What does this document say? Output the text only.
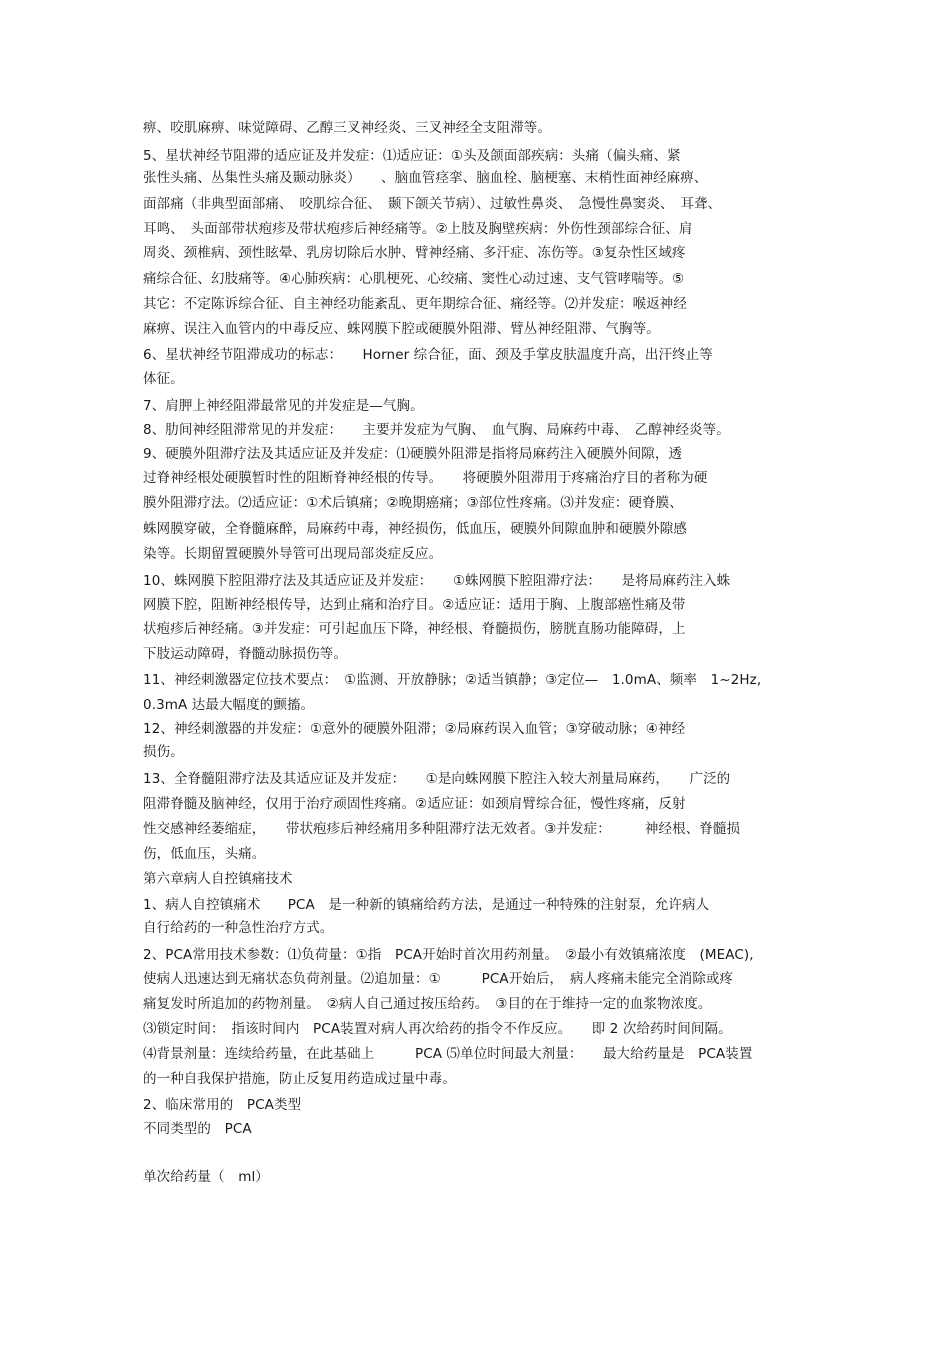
痹、咬肌麻痹、味觉障碍、乙醇三叉神经炎、三叉神经全支阻滞等。

5、星状神经节阻滞的适应证及并发症：⑴适应证：①头及颌面部疾病：头痛（偏头痛、紧

张性头痛、丛集性头痛及颞动脉炎）　　、脑血管痉挛、脑血栓、脑梗塞、末梢性面神经麻痹、

面部痛（非典型面部痛、　咬肌综合征、　颞下颌关节病）、过敏性鼻炎、　急慢性鼻窦炎、　耳聋、

耳鸣、　头面部带状疱疹及带状疱疹后神经痛等。②上肢及胸壁疾病：外伤性颈部综合征、肩

周炎、颈椎病、颈性眩晕、乳房切除后水肿、臂神经痛、多汗症、冻伤等。③复杂性区域疼

痛综合征、幻肢痛等。④心肺疾病：心肌梗死、心绞痛、窦性心动过速、支气管哮喘等。⑤

其它：不定陈诉综合征、自主神经功能紊乱、更年期综合征、痛经等。⑵并发症：喉返神经

麻痹、误注入血管内的中毒反应、蛛网膜下腔或硬膜外阻滞、臂丛神经阻滞、气胸等。

6、星状神经节阻滞成功的标志：　　Horner 综合征，面、颈及手掌皮肤温度升高，出汗终止等

体征。

7、肩胛上神经阻滞最常见的并发症是—气胸。

8、肋间神经阻滞常见的并发症：　　主要并发症为气胸、　血气胸、局麻药中毒、　乙醇神经炎等。

9、硬膜外阻滞疗法及其适应证及并发症：⑴硬膜外阻滞是指将局麻药注入硬膜外间隙，透

过脊神经根处硬膜暂时性的阻断脊神经根的传导。　　将硬膜外阻滞用于疼痛治疗目的者称为硬

膜外阻滞疗法。⑵适应证：①术后镇痛；②晚期癌痛；③部位性疼痛。⑶并发症：硬脊膜、

蛛网膜穿破，全脊髓麻醉，局麻药中毒，神经损伤，低血压，硬膜外间隙血肿和硬膜外隙感

染等。长期留置硬膜外导管可出现局部炎症反应。

10、蛛网膜下腔阻滞疗法及其适应证及并发症：　　①蛛网膜下腔阻滞疗法：　　是将局麻药注入蛛

网膜下腔，阻断神经根传导，达到止痛和治疗目。②适应证：适用于胸、上腹部癌性痛及带

状疱疹后神经痛。③并发症：可引起血压下降，神经根、脊髓损伤，膀胱直肠功能障碍，上

下肢运动障碍，脊髓动脉损伤等。

11、神经刺激器定位技术要点：　①监测、开放静脉；②适当镇静；③定位—　1.0mA、频率　1~2Hz,

0.3mA 达最大幅度的颤搐。

12、神经刺激器的并发症：①意外的硬膜外阻滞；②局麻药误入血管；③穿破动脉；④神经

损伤。

13、全脊髓阻滞疗法及其适应证及并发症：　　①是向蛛网膜下腔注入较大剂量局麻药，　　广泛的

阻滞脊髓及脑神经，仅用于治疗顽固性疼痛。②适应证：如颈肩臂综合征，慢性疼痛，反射

性交感神经萎缩症，　　带状疱疹后神经痛用多种阻滞疗法无效者。③并发症：　　　神经根、脊髓损

伤，低血压，头痛。

第六章病人自控镇痛技术

1、病人自控镇痛术　　PCA　是一种新的镇痛给药方法，是通过一种特殊的注射泵，允许病人

自行给药的一种急性治疗方式。

2、PCA常用技术参数：⑴负荷量：①指　PCA开始时首次用药剂量。　②最小有效镇痛浓度　(MEAC),

使病人迅速达到无痛状态负荷剂量。⑵追加量：①　　　PCA开始后，　病人疼痛未能完全消除或疼

痛复发时所追加的药物剂量。　②病人自己通过按压给药。　③目的在于维持一定的血浆物浓度。

⑶锁定时间：　指该时间内　PCA装置对病人再次给药的指令不作反应。　　即 2 次给药时间间隔。

⑷背景剂量：连续给药量，在此基础上　　　PCA ⑸单位时间最大剂量：　　最大给药量是　PCA装置

的一种自我保护措施，防止反复用药造成过量中毒。

2、临床常用的　PCA类型

不同类型的　PCA

单次给药量（　ml）
